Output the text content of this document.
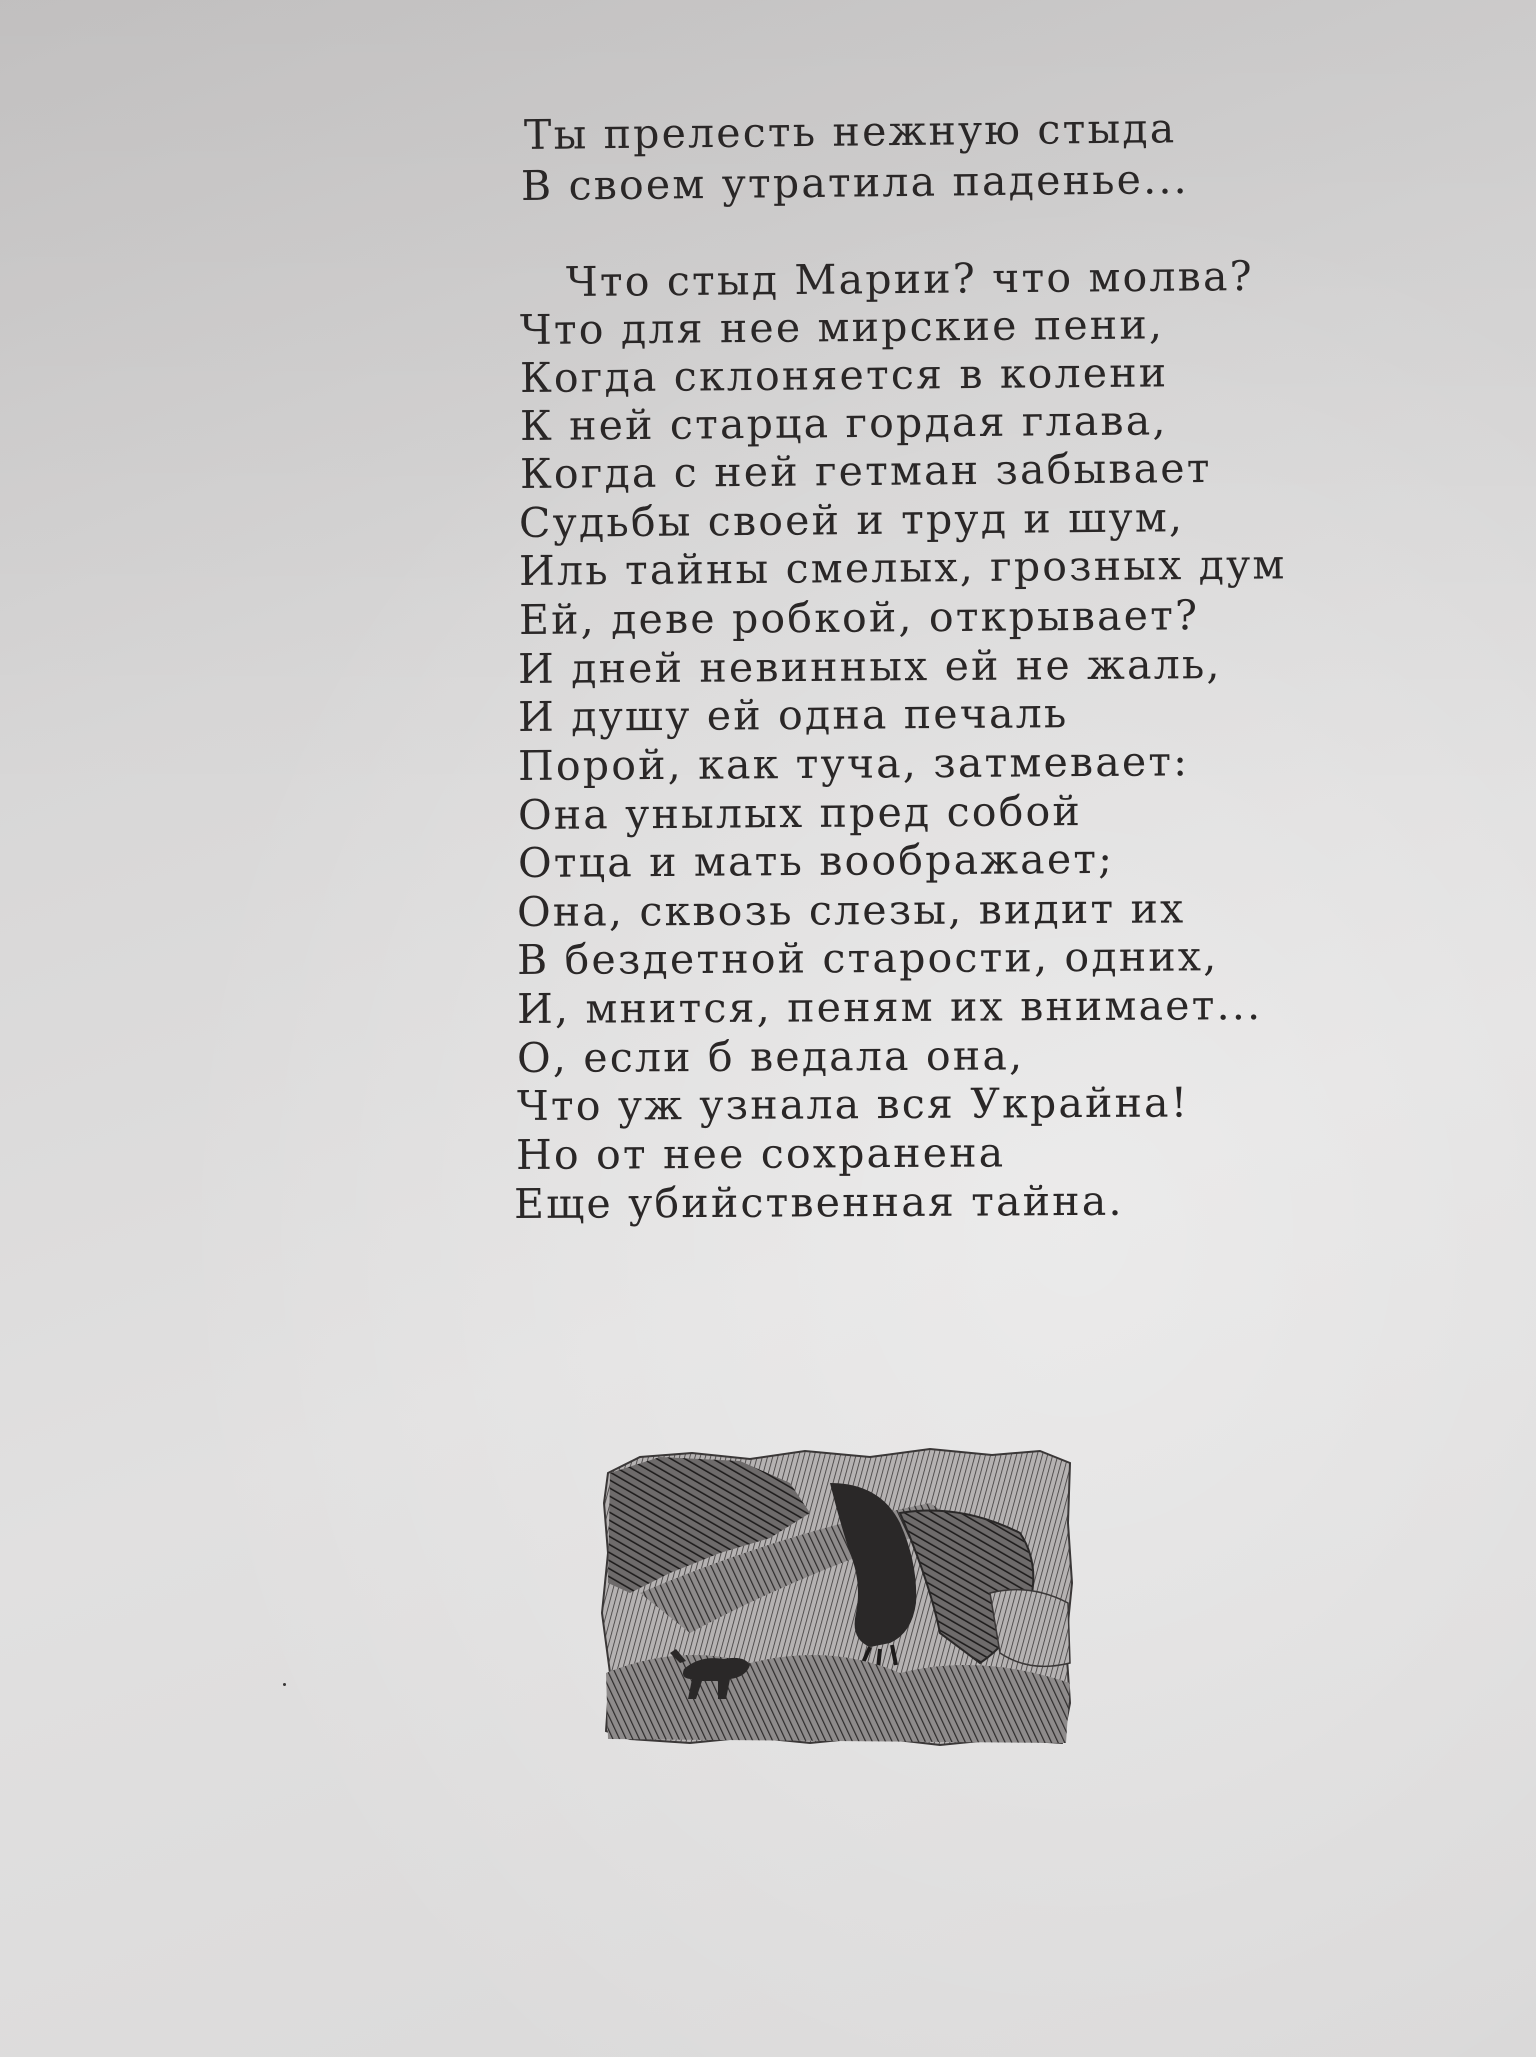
Ты прелесть нежную стыда
В своем утратила паденье...
Что стыд Марии? что молва?
Что для нее мирские пени,
Когда склоняется в колени
К ней старца гордая глава,
Когда с ней гетман забывает
Судьбы своей и труд и шум,
Иль тайны смелых, грозных дум
Ей, деве робкой, открывает?
И дней невинных ей не жаль,
И душу ей одна печаль
Порой, как туча, затмевает:
Она унылых пред собой
Отца и мать воображает;
Она, сквозь слезы, видит их
В бездетной старости, одних,
И, мнится, пеням их внимает...
О, если б ведала она,
Что уж узнала вся Украйна!
Но от нее сохранена
Еще убийственная тайна.
